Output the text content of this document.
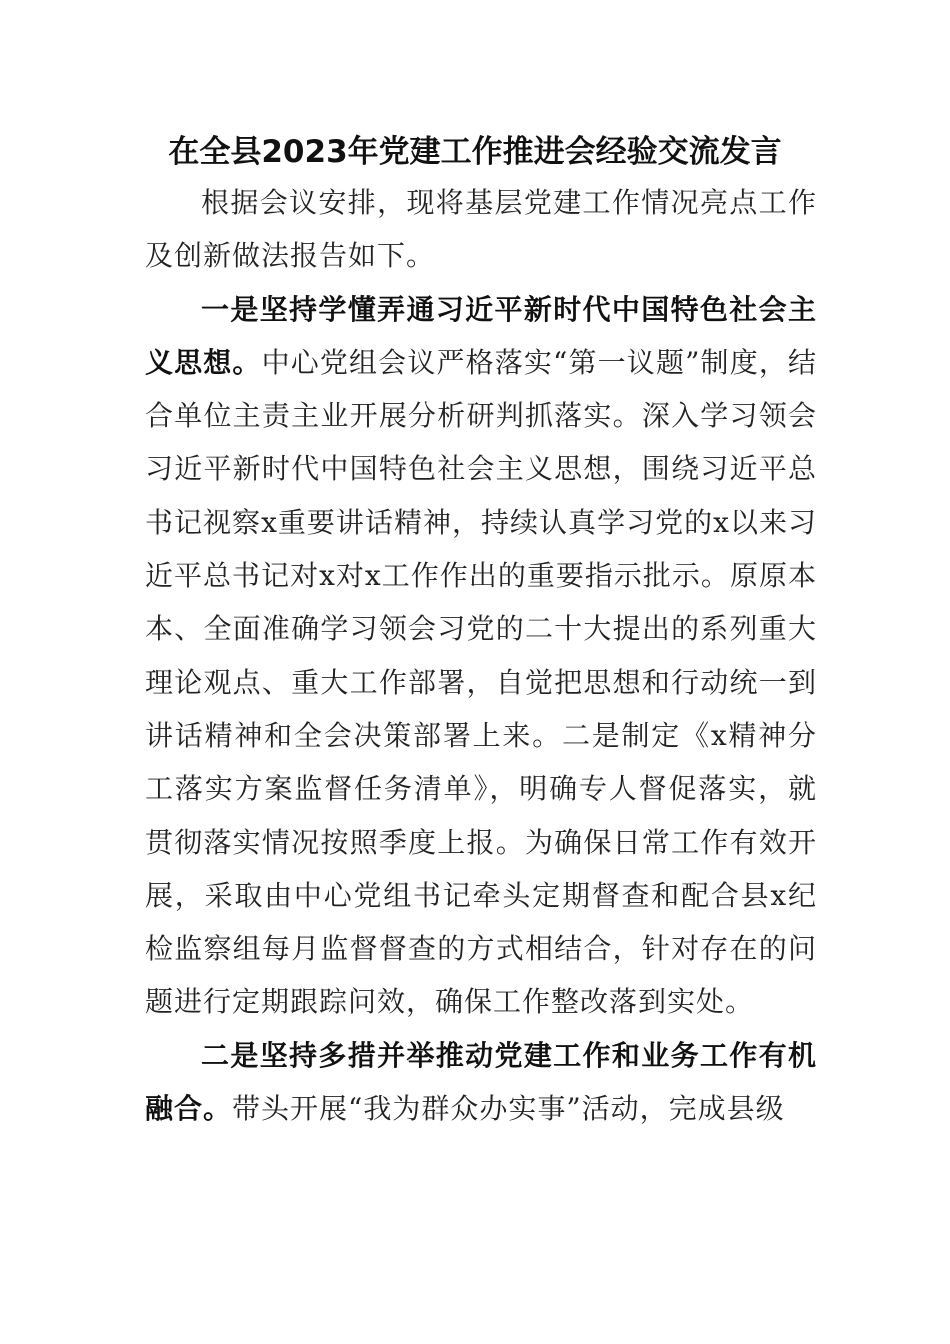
在全县2023年党建工作推进会经验交流发言

根据会议安排，现将基层党建工作情况亮点工作及创新做法报告如下。

一是坚持学懂弄通习近平新时代中国特色社会主义思想。中心党组会议严格落实“第一议题”制度，结合单位主责主业开展分析研判抓落实。深入学习领会习近平新时代中国特色社会主义思想，围绕习近平总书记视察x重要讲话精神，持续认真学习党的x以来习近平总书记对x对x工作作出的重要指示批示。原原本本、全面准确学习领会习党的二十大提出的系列重大理论观点、重大工作部署，自觉把思想和行动统一到讲话精神和全会决策部署上来。二是制定《x精神分工落实方案监督任务清单》，明确专人督促落实，就贯彻落实情况按照季度上报。为确保日常工作有效开展，采取由中心党组书记牵头定期督查和配合县x纪检监察组每月监督督查的方式相结合，针对存在的问题进行定期跟踪问效，确保工作整改落到实处。

二是坚持多措并举推动党建工作和业务工作有机融合。带头开展“我为群众办实事”活动，完成县级
